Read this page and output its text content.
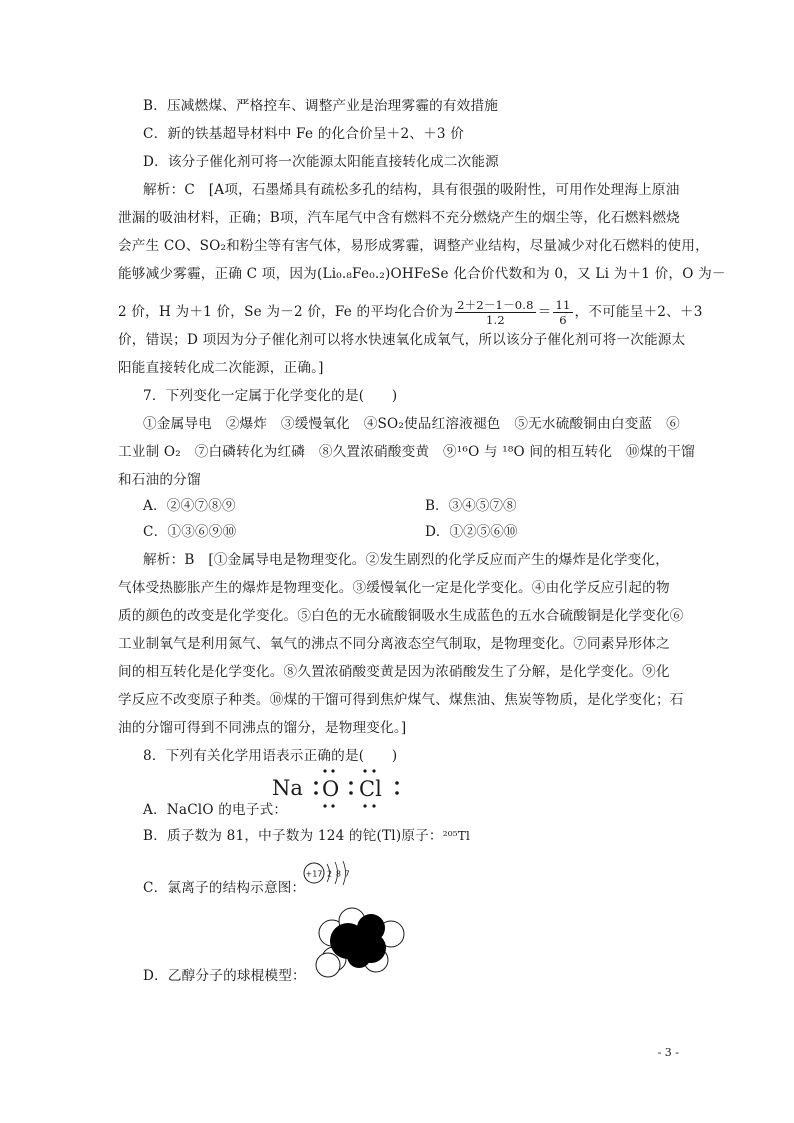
B．压减燃煤、严格控车、调整产业是治理雾霾的有效措施
C．新的铁基超导材料中 Fe 的化合价呈＋2、＋3 价
D．该分子催化剂可将一次能源太阳能直接转化成二次能源
解析：C　[A项，石墨烯具有疏松多孔的结构，具有很强的吸附性，可用作处理海上原油
泄漏的吸油材料，正确；B项，汽车尾气中含有燃料不充分燃烧产生的烟尘等，化石燃料燃烧
会产生 CO、SO₂和粉尘等有害气体，易形成雾霾，调整产业结构，尽量减少对化石燃料的使用，
能够减少雾霾，正确 C 项，因为(Li₀.₈Fe₀.₂)OHFeSe 化合价代数和为 0，又 Li 为＋1 价，O 为－
2 价，H 为＋1 价，Se 为－2 价，Fe 的平均化合价为 $\frac{2+2-1-0.8}{1.2} = \frac{11}{6}$ ，不可能呈＋2、＋3
价，错误；D 项因为分子催化剂可以将水快速氧化成氧气，所以该分子催化剂可将一次能源太
阳能直接转化成二次能源，正确。]
7．下列变化一定属于化学变化的是(　　)
①金属导电　②爆炸　③缓慢氧化　④SO₂使品红溶液褪色　⑤无水硫酸铜由白变蓝　⑥
工业制 O₂　⑦白磷转化为红磷　⑧久置浓硝酸变黄　⑨¹⁶O 与 ¹⁸O 间的相互转化　⑩煤的干馏
和石油的分馏
A．②④⑦⑧⑨	B．③④⑤⑦⑧
C．①③⑥⑨⑩	D．①②⑤⑥⑩
解析：B　[①金属导电是物理变化。②发生剧烈的化学反应而产生的爆炸是化学变化，
气体受热膨胀产生的爆炸是物理变化。③缓慢氧化一定是化学变化。④由化学反应引起的物
质的颜色的改变是化学变化。⑤白色的无水硫酸铜吸水生成蓝色的五水合硫酸铜是化学变化⑥
工业制氧气是利用氮气、氧气的沸点不同分离液态空气制取，是物理变化。⑦同素异形体之
间的相互转化是化学变化。⑧久置浓硝酸变黄是因为浓硝酸发生了分解，是化学变化。⑨化
学反应不改变原子种类。⑩煤的干馏可得到焦炉煤气、煤焦油、焦炭等物质，是化学变化；石
油的分馏可得到不同沸点的馏分，是物理变化。]
8．下列有关化学用语表示正确的是(　　)
A．NaClO 的电子式：
Na O Cl
B．质子数为 81，中子数为 124 的铊(Tl)原子：²⁰⁵Tl
C．氯离子的结构示意图：
+17 2 8 7
D．乙醇分子的球棍模型：
- 3 -
